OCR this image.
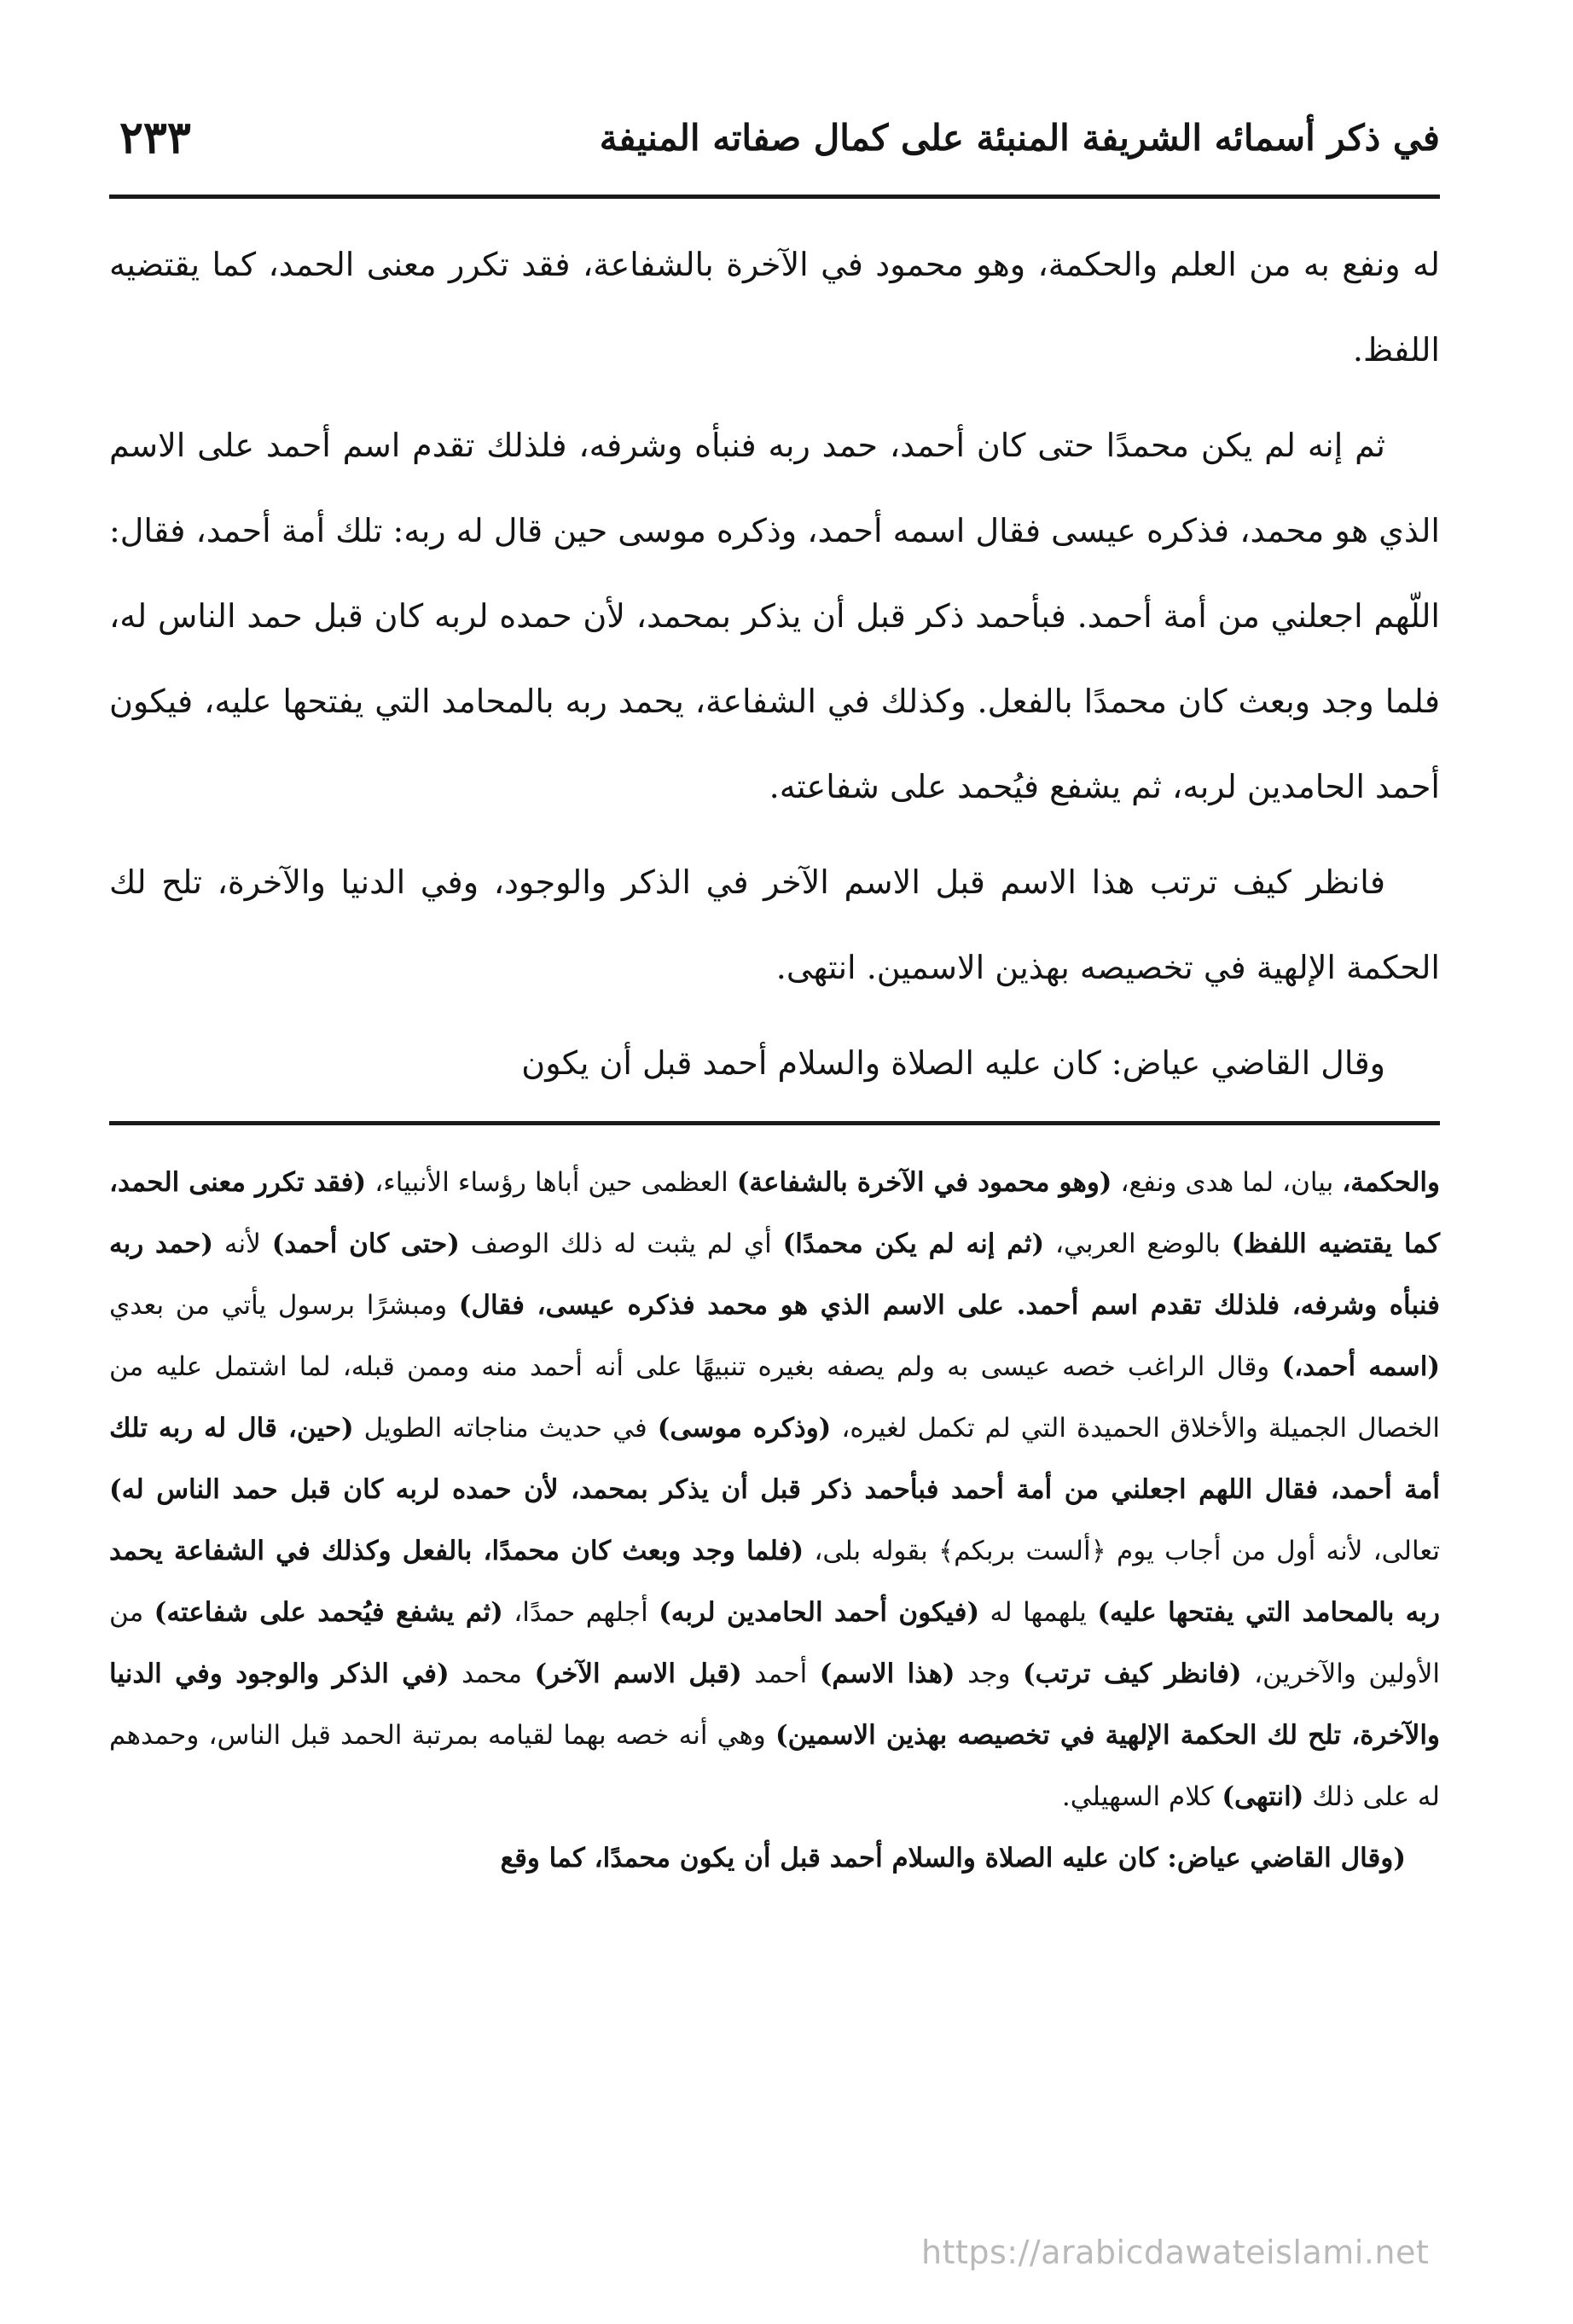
في ذكر أسمائه الشريفة المنبئة على كمال صفاته المنيفة
٢٣٣

له ونفع به من العلم والحكمة، وهو محمود في الآخرة بالشفاعة، فقد تكرر معنى الحمد، كما يقتضيه اللفظ.

ثم إنه لم يكن محمدًا حتى كان أحمد، حمد ربه فنبأه وشرفه، فلذلك تقدم اسم أحمد على الاسم الذي هو محمد، فذكره عيسى فقال اسمه أحمد، وذكره موسى حين قال له ربه: تلك أمة أحمد، فقال: اللّهم اجعلني من أمة أحمد. فبأحمد ذكر قبل أن يذكر بمحمد، لأن حمده لربه كان قبل حمد الناس له، فلما وجد وبعث كان محمدًا بالفعل. وكذلك في الشفاعة، يحمد ربه بالمحامد التي يفتحها عليه، فيكون أحمد الحامدين لربه، ثم يشفع فيُحمد على شفاعته.

فانظر كيف ترتب هذا الاسم قبل الاسم الآخر في الذكر والوجود، وفي الدنيا والآخرة، تلح لك الحكمة الإلهية في تخصيصه بهذين الاسمين. انتهى.

وقال القاضي عياض: كان عليه الصلاة والسلام أحمد قبل أن يكون

والحكمة، بيان، لما هدى ونفع، (وهو محمود في الآخرة بالشفاعة) العظمى حين أباها رؤساء الأنبياء، (فقد تكرر معنى الحمد، كما يقتضيه اللفظ) بالوضع العربي، (ثم إنه لم يكن محمدًا) أي لم يثبت له ذلك الوصف (حتى كان أحمد) لأنه (حمد ربه فنبأه وشرفه، فلذلك تقدم اسم أحمد. على الاسم الذي هو محمد فذكره عيسى، فقال) ومبشرًا برسول يأتي من بعدي (اسمه أحمد،) وقال الراغب خصه عيسى به ولم يصفه بغيره تنبيهًا على أنه أحمد منه وممن قبله، لما اشتمل عليه من الخصال الجميلة والأخلاق الحميدة التي لم تكمل لغيره، (وذكره موسى) في حديث مناجاته الطويل (حين، قال له ربه تلك أمة أحمد، فقال اللهم اجعلني من أمة أحمد فبأحمد ذكر قبل أن يذكر بمحمد، لأن حمده لربه كان قبل حمد الناس له) تعالى، لأنه أول من أجاب يوم ﴿ألست بربكم﴾ بقوله بلى، (فلما وجد وبعث كان محمدًا، بالفعل وكذلك في الشفاعة يحمد ربه بالمحامد التي يفتحها عليه) يلهمها له (فيكون أحمد الحامدين لربه) أجلهم حمدًا، (ثم يشفع فيُحمد على شفاعته) من الأولين والآخرين، (فانظر كيف ترتب) وجد (هذا الاسم) أحمد (قبل الاسم الآخر) محمد (في الذكر والوجود وفي الدنيا والآخرة، تلح لك الحكمة الإلهية في تخصيصه بهذين الاسمين) وهي أنه خصه بهما لقيامه بمرتبة الحمد قبل الناس، وحمدهم له على ذلك (انتهى) كلام السهيلي.

(وقال القاضي عياض: كان عليه الصلاة والسلام أحمد قبل أن يكون محمدًا، كما وقع

https://arabicdawateislami.net
